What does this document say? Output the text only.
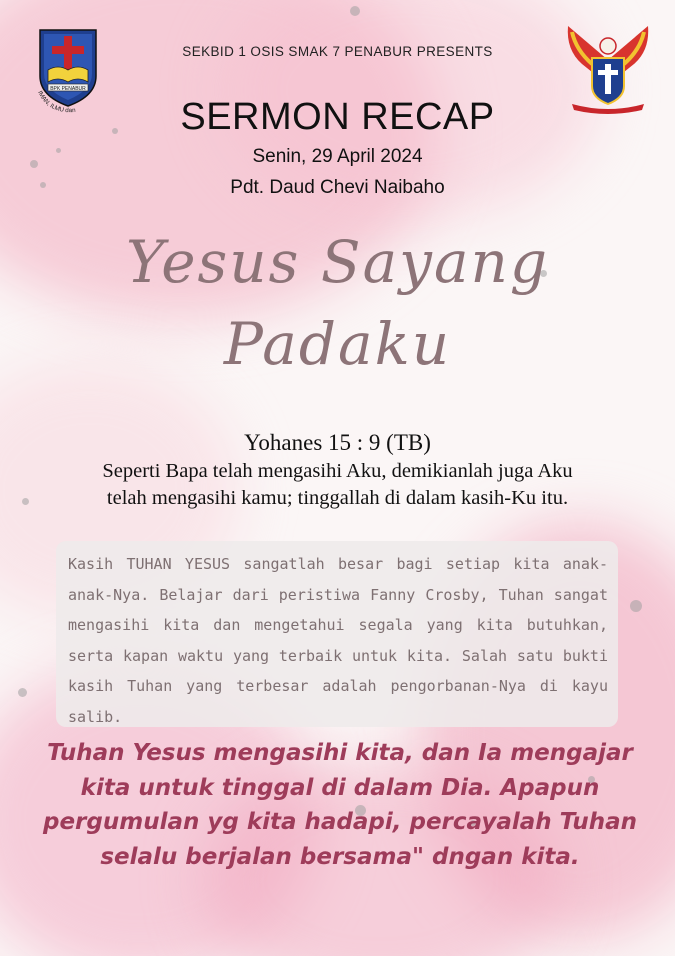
BPK PENABUR
IMAN, ILMU dan
SEKBID 1 OSIS SMAK 7 PENABUR PRESENTS
SERMON RECAP
Senin, 29 April 2024
Pdt. Daud Chevi Naibaho
Yesus Sayang
Padaku
Yohanes 15 : 9 (TB)
Seperti Bapa telah mengasihi Aku, demikianlah juga Aku
telah mengasihi kamu; tinggallah di dalam kasih-Ku itu.
Kasih TUHAN YESUS sangatlah besar bagi setiap kita anak-anak-Nya. Belajar dari peristiwa Fanny Crosby, Tuhan sangat mengasihi kita dan mengetahui segala yang kita butuhkan, serta kapan waktu yang terbaik untuk kita. Salah satu bukti kasih Tuhan yang terbesar adalah pengorbanan-Nya di kayu salib.
Tuhan Yesus mengasihi kita, dan Ia mengajar kita untuk tinggal di dalam Dia. Apapun pergumulan yg kita hadapi, percayalah Tuhan selalu berjalan bersama" dngan kita.
